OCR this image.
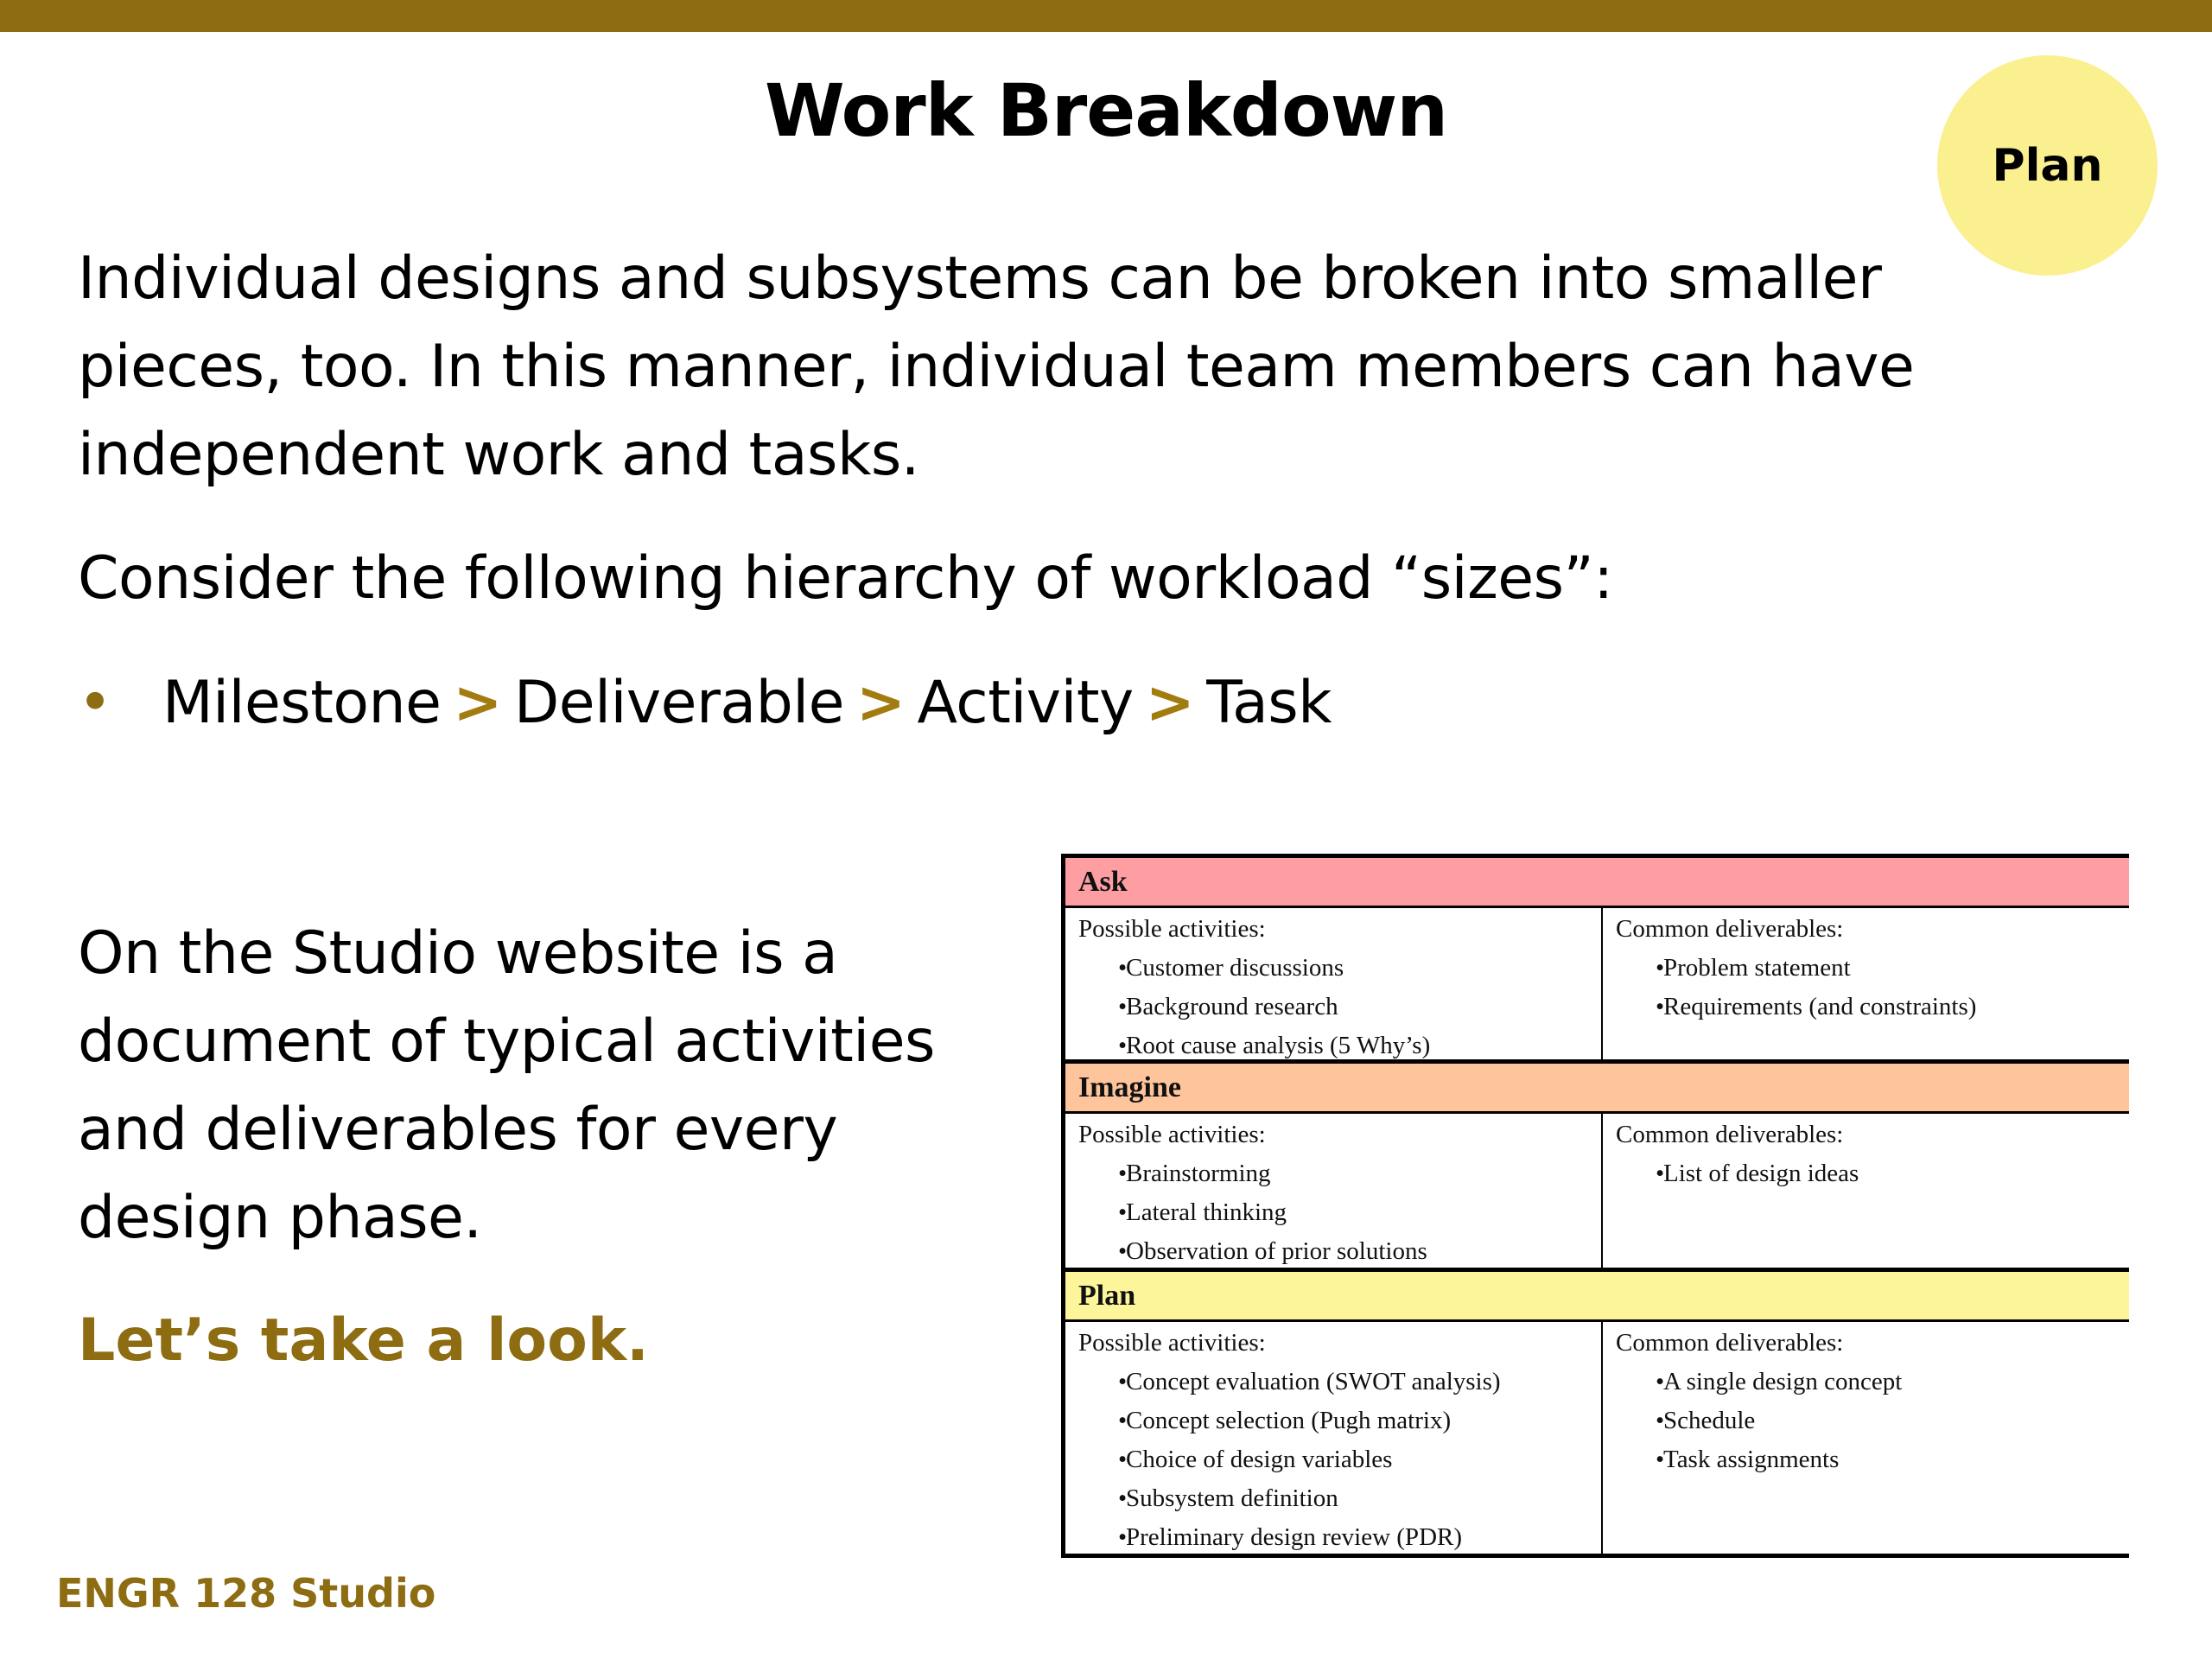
Work Breakdown
Plan

Individual designs and subsystems can be broken into smaller pieces, too. In this manner, individual team members can have independent work and tasks.

Consider the following hierarchy of workload “sizes”:

• Milestone > Deliverable > Activity > Task

On the Studio website is a document of typical activities and deliverables for every design phase.

Let’s take a look.

ENGR 128 Studio

Ask
Possible activities:
• Customer discussions
• Background research
• Root cause analysis (5 Why’s)
Common deliverables:
• Problem statement
• Requirements (and constraints)
Imagine
Possible activities:
• Brainstorming
• Lateral thinking
• Observation of prior solutions
Common deliverables:
• List of design ideas
Plan
Possible activities:
• Concept evaluation (SWOT analysis)
• Concept selection (Pugh matrix)
• Choice of design variables
• Subsystem definition
• Preliminary design review (PDR)
Common deliverables:
• A single design concept
• Schedule
• Task assignments
